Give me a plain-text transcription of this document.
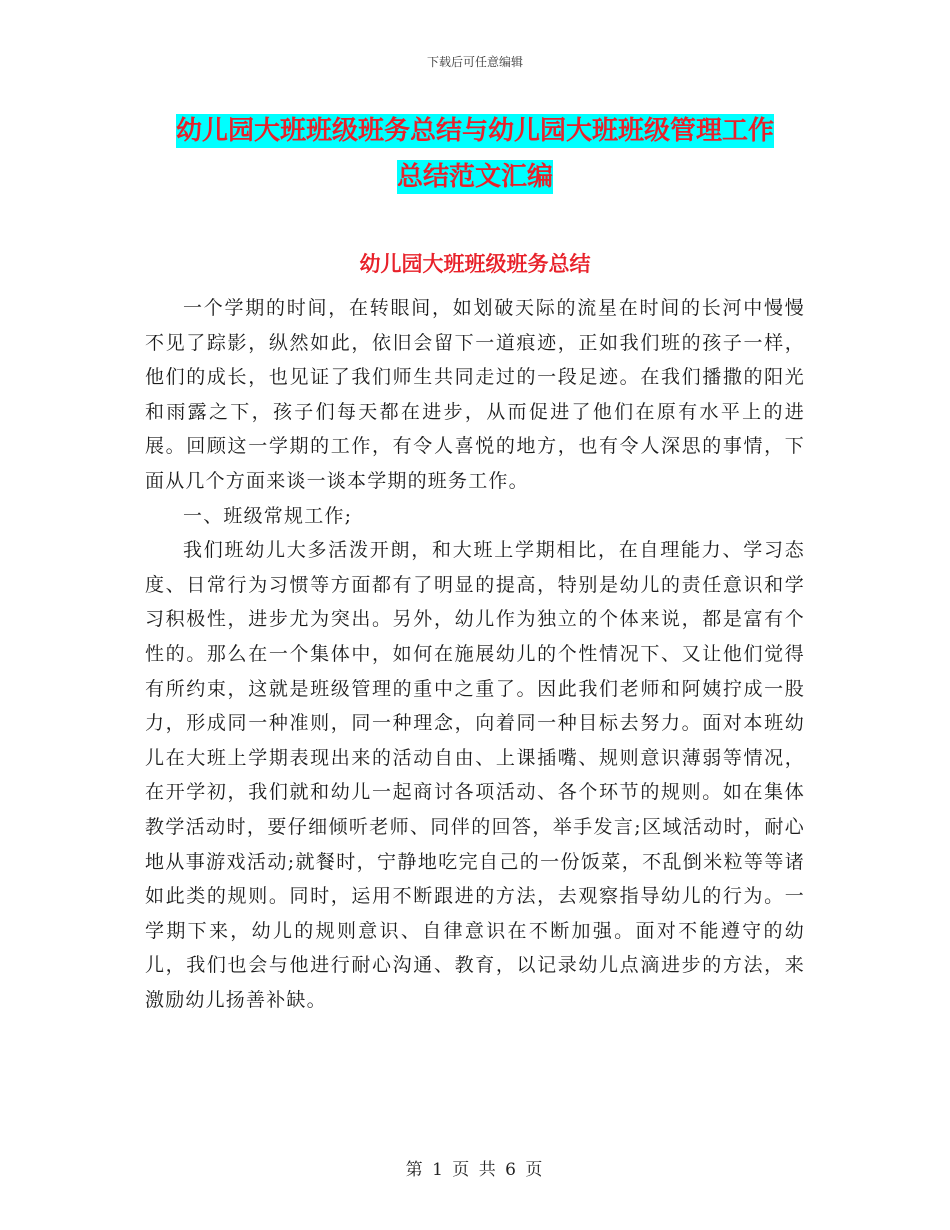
下载后可任意编辑
幼儿园大班班级班务总结与幼儿园大班班级管理工作
总结范文汇编
幼儿园大班班级班务总结

一个学期的时间，在转眼间，如划破天际的流星在时间的长河中慢慢不见了踪影，纵然如此，依旧会留下一道痕迹，正如我们班的孩子一样，他们的成长，也见证了我们师生共同走过的一段足迹。在我们播撒的阳光和雨露之下，孩子们每天都在进步，从而促进了他们在原有水平上的进展。回顾这一学期的工作，有令人喜悦的地方，也有令人深思的事情，下面从几个方面来谈一谈本学期的班务工作。

一、班级常规工作;

我们班幼儿大多活泼开朗，和大班上学期相比，在自理能力、学习态度、日常行为习惯等方面都有了明显的提高，特别是幼儿的责任意识和学习积极性，进步尤为突出。另外，幼儿作为独立的个体来说，都是富有个性的。那么在一个集体中，如何在施展幼儿的个性情况下、又让他们觉得有所约束，这就是班级管理的重中之重了。因此我们老师和阿姨拧成一股力，形成同一种准则，同一种理念，向着同一种目标去努力。面对本班幼儿在大班上学期表现出来的活动自由、上课插嘴、规则意识薄弱等情况，在开学初，我们就和幼儿一起商讨各项活动、各个环节的规则。如在集体教学活动时，要仔细倾听老师、同伴的回答，举手发言;区域活动时，耐心地从事游戏活动;就餐时，宁静地吃完自己的一份饭菜，不乱倒米粒等等诸如此类的规则。同时，运用不断跟进的方法，去观察指导幼儿的行为。一学期下来，幼儿的规则意识、自律意识在不断加强。面对不能遵守的幼儿，我们也会与他进行耐心沟通、教育，以记录幼儿点滴进步的方法，来激励幼儿扬善补缺。

第 1 页 共 6 页
